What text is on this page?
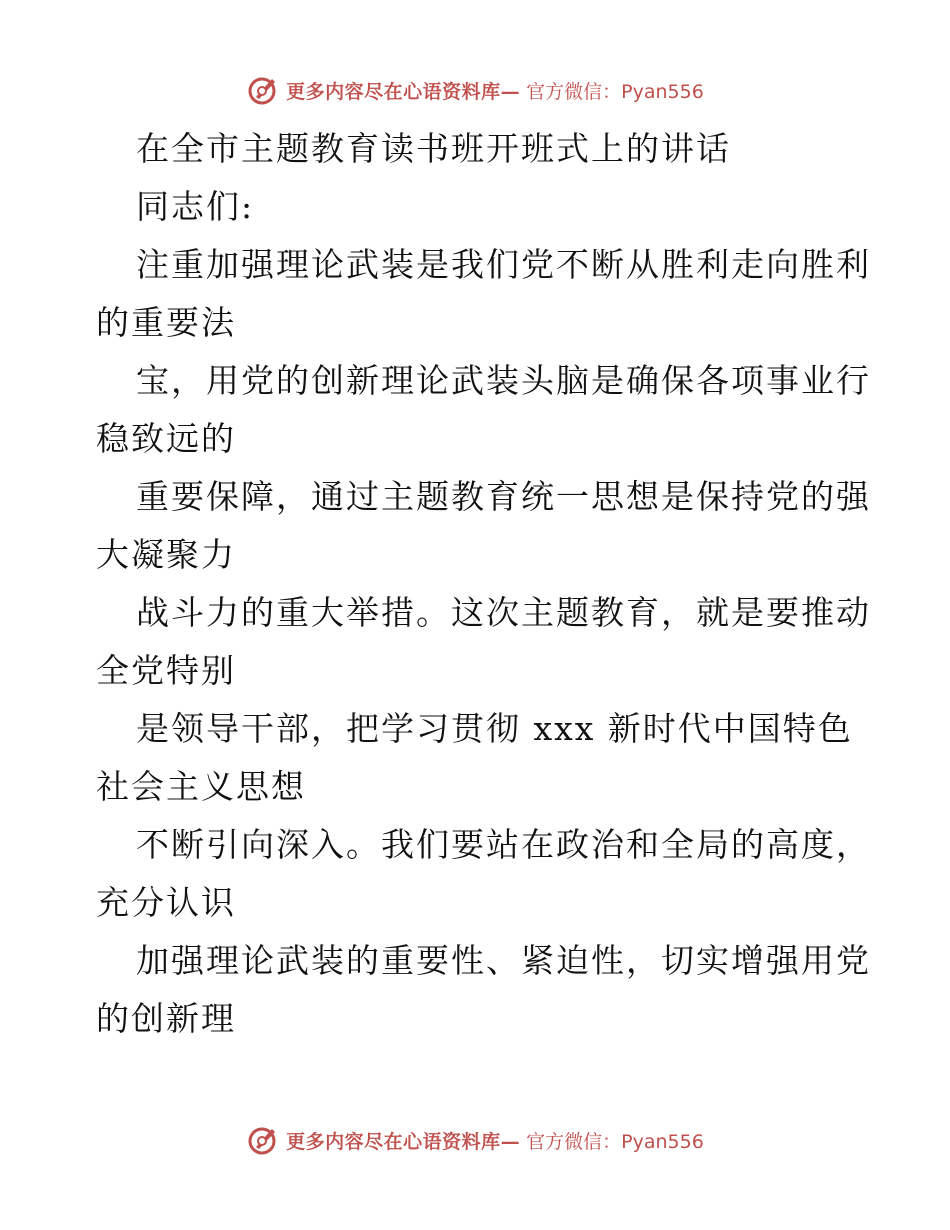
更多内容尽在心语资料库— 官方微信：Pyan556
在全市主题教育读书班开班式上的讲话
同志们:
注重加强理论武装是我们党不断从胜利走向胜利
的重要法
宝，用党的创新理论武装头脑是确保各项事业行
稳致远的
重要保障，通过主题教育统一思想是保持党的强
大凝聚力
战斗力的重大举措。这次主题教育，就是要推动
全党特别
是领导干部，把学习贯彻 xxx 新时代中国特色
社会主义思想
不断引向深入。我们要站在政治和全局的高度，
充分认识
加强理论武装的重要性、紧迫性，切实增强用党
的创新理
更多内容尽在心语资料库— 官方微信：Pyan556
